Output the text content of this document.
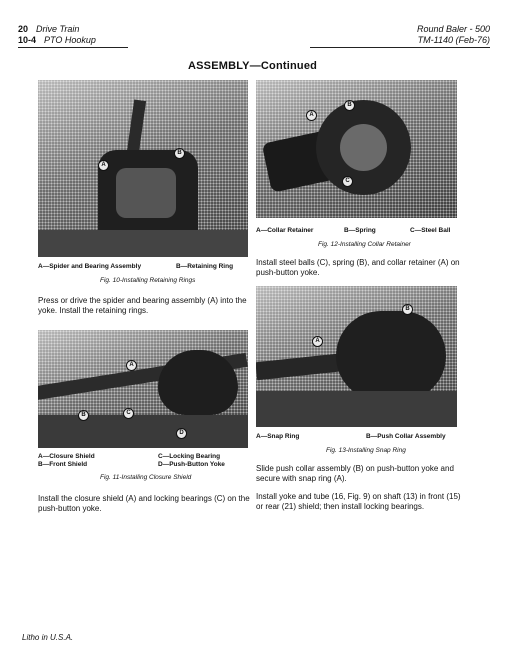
20 Drive Train
10-4 PTO Hookup
Round Baler - 500
TM-1140 (Feb-76)
ASSEMBLY—Continued
A
B
A—Spider and Bearing Assembly	B—Retaining Ring
Fig. 10-Installing Retaining Rings
Press or drive the spider and bearing assembly (A) into the yoke. Install the retaining rings.
A
B	C
D
A—Closure Shield	C—Locking Bearing
B—Front Shield	D—Push-Button Yoke
Fig. 11-Installing Closure Shield
Install the closure shield (A) and locking bearings (C) on the push-button yoke.
A
B
C
A—Collar Retainer	B—Spring	C—Steel Ball
Fig. 12-Installing Collar Retainer
Install steel balls (C), spring (B), and collar retainer (A) on push-button yoke.
A
B
A—Snap Ring	B—Push Collar Assembly
Fig. 13-Installing Snap Ring
Slide push collar assembly (B) on push-button yoke and secure with snap ring (A).
Install yoke and tube (16, Fig. 9) on shaft (13) in front (15) or rear (21) shield; then install locking bearings.
Litho in U.S.A.
